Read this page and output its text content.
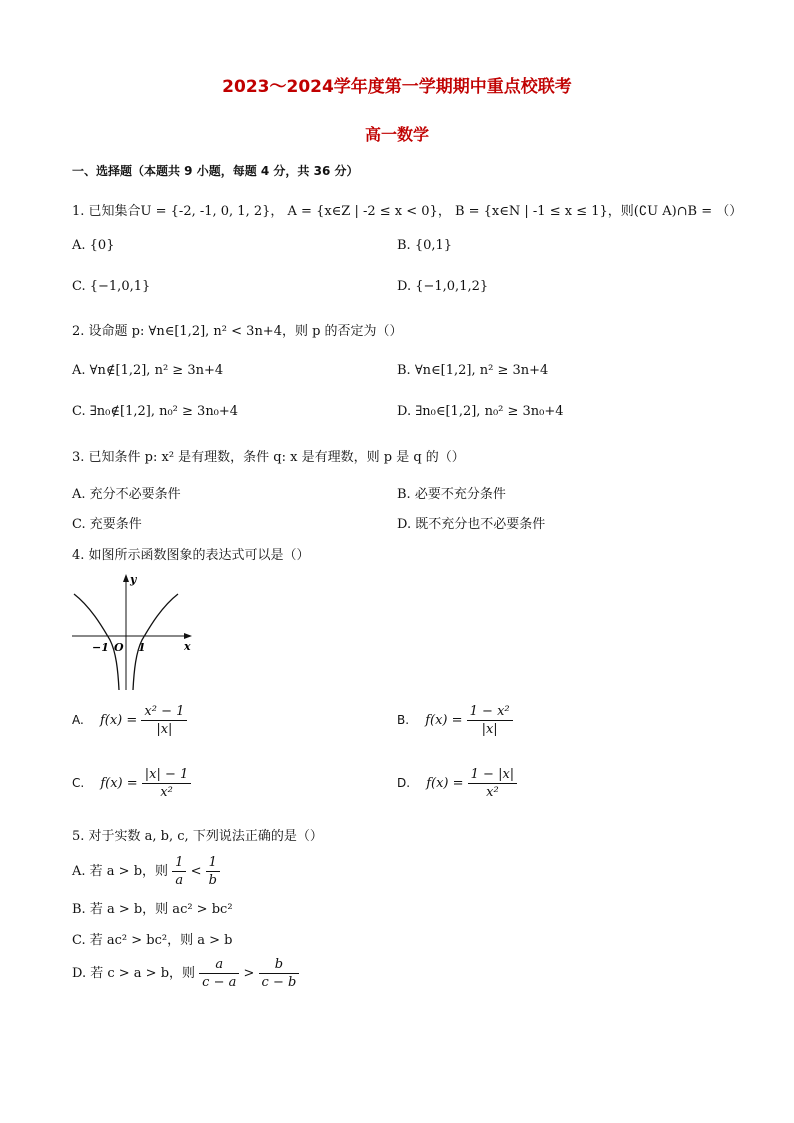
2023～2024学年度第一学期期中重点校联考
高一数学
一、选择题（本题共 9 小题，每题 4 分，共 36 分）
1. 已知集合U = {-2, -1, 0, 1, 2}， A = {x∈Z | -2 ≤ x < 0}， B = {x∈N | -1 ≤ x ≤ 1}，则(∁U A)∩B = （）
A. {0}	B. {0,1}
C. {−1,0,1}	D. {−1,0,1,2}
2. 设命题 p: ∀n∈[1,2], n² < 3n+4，则 p 的否定为（）
A. ∀n∉[1,2], n² ≥ 3n+4	B. ∀n∈[1,2], n² ≥ 3n+4
C. ∃n₀∉[1,2], n₀² ≥ 3n₀+4	D. ∃n₀∈[1,2], n₀² ≥ 3n₀+4
3. 已知条件 p: x² 是有理数，条件 q: x 是有理数，则 p 是 q 的（）
A. 充分不必要条件	B. 必要不充分条件
C. 充要条件	D. 既不充分也不必要条件
4. 如图所示函数图象的表达式可以是（）
y
x
O
−1	1
A. $f(x) = \frac{\text{x² − 1}}{|x|}$	B. $f(x) = \frac{\text{1 − x²}}{|x|}$
C. $f(x) = \frac{|x| - 1}{\text{x²}}$	D. $f(x) = \frac{1 - |x|}{\text{x²}}$
5. 对于实数 a, b, c, 下列说法正确的是（）
A. 若 a > b，则 $\frac{1}{a} < \frac{1}{b}$
B. 若 a > b，则 ac² > bc²
C. 若 ac² > bc²，则 a > b
D. 若 c > a > b，则 $\frac{a}{c - a} > \frac{b}{c - b}$
